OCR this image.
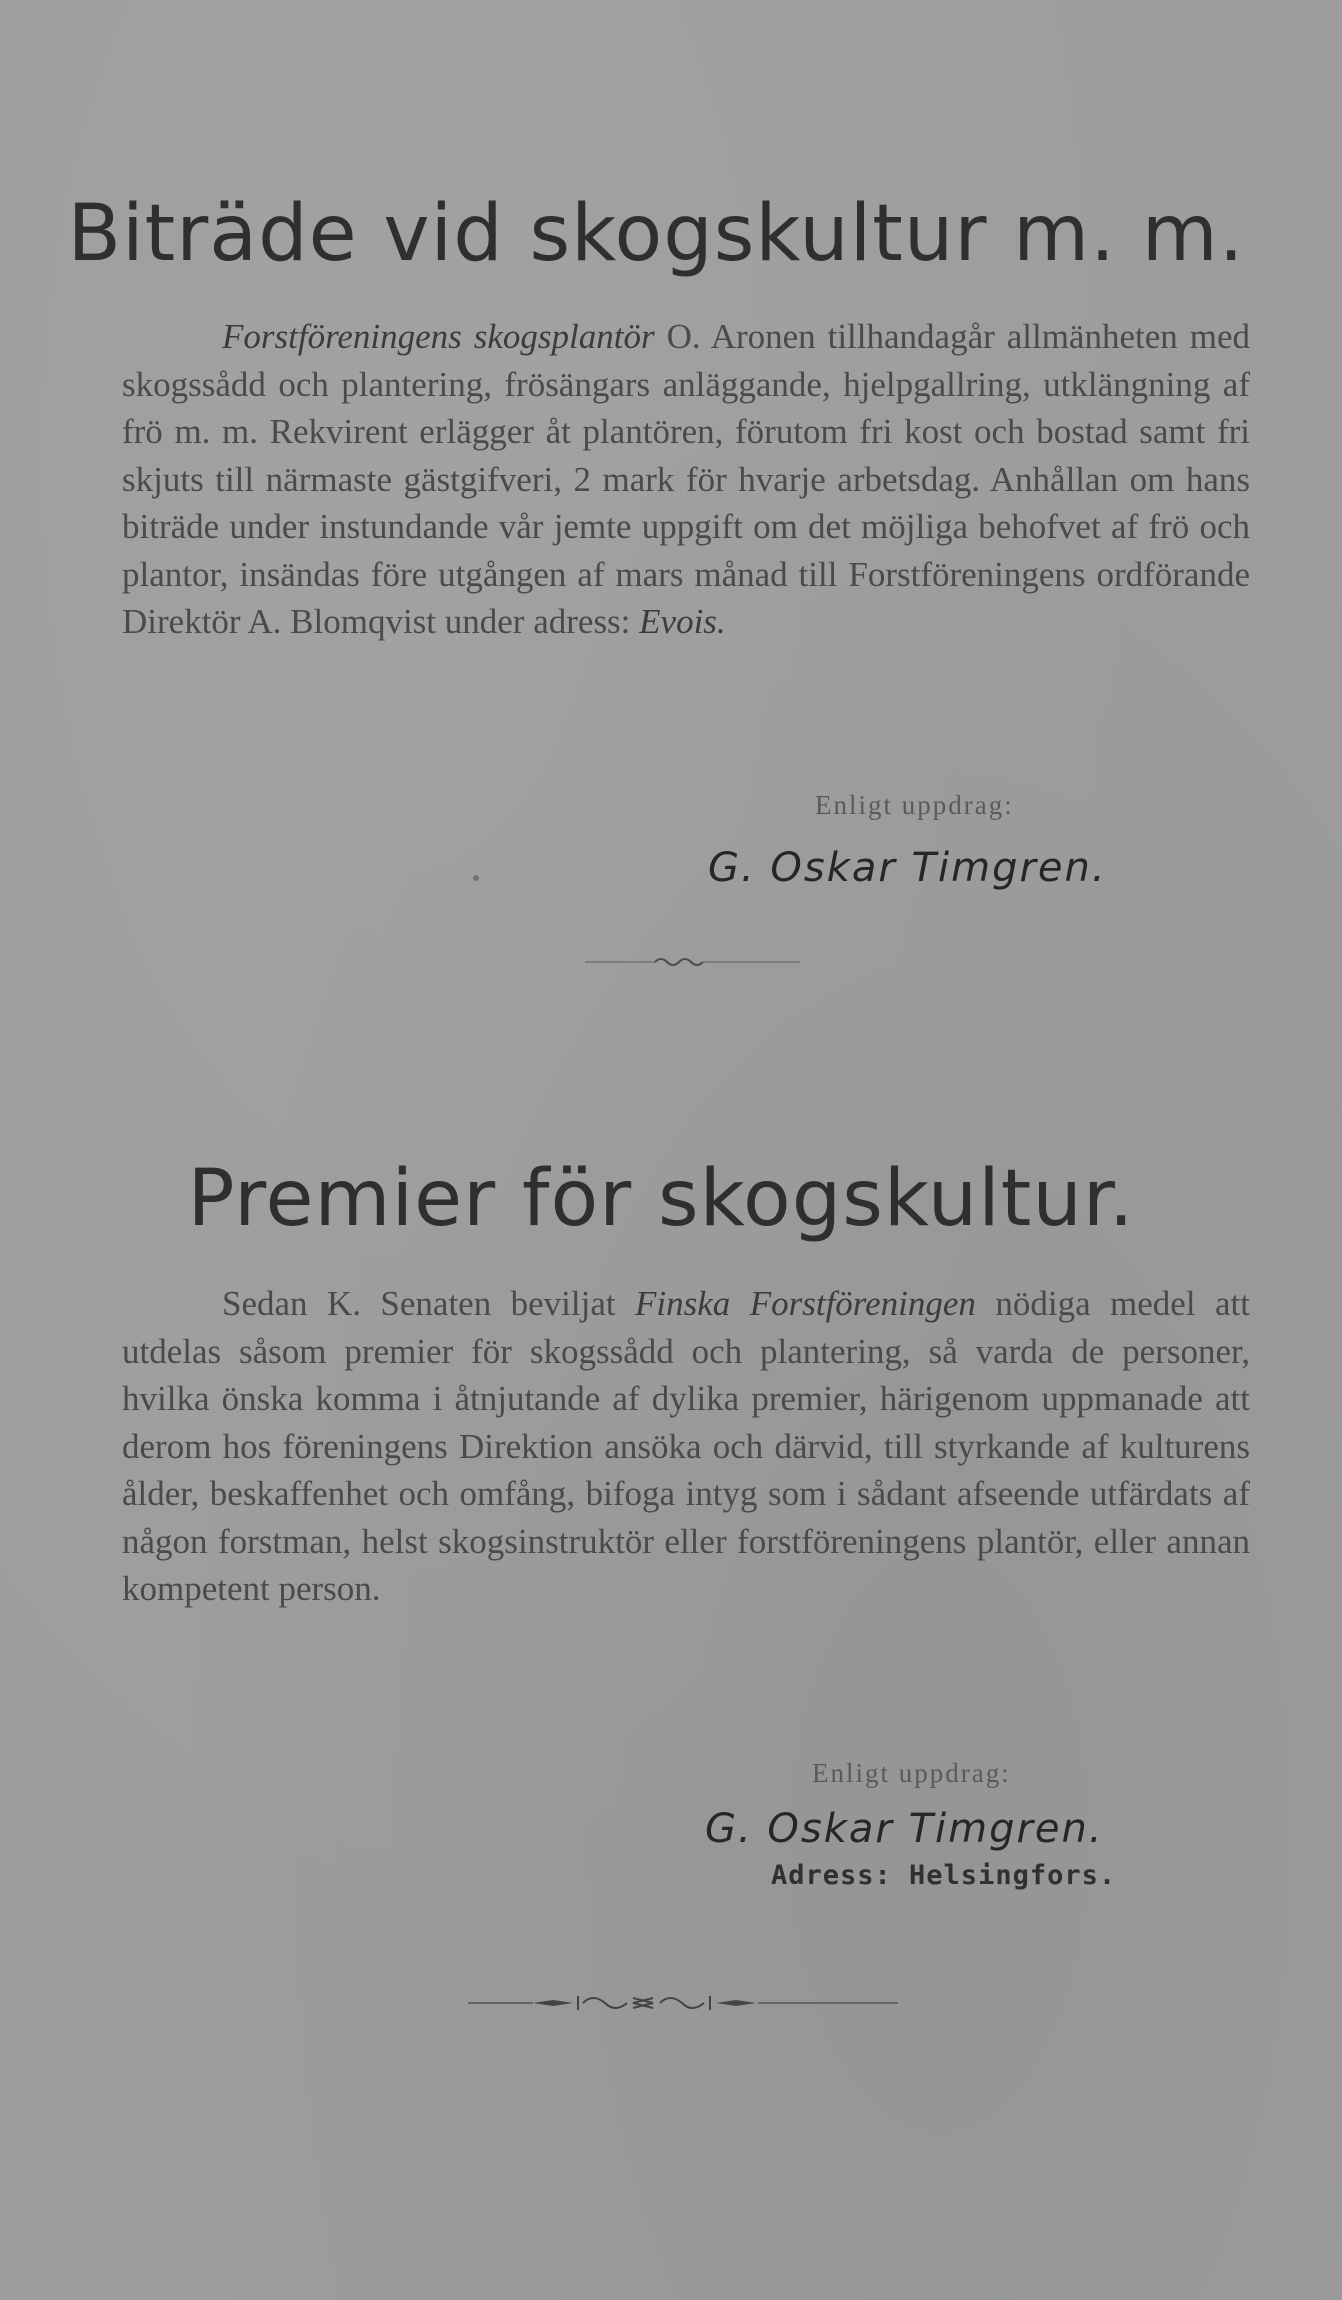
Biträde vid skogskultur m. m.

Forstföreningens skogsplantör O. Aronen tillhandagår allmänheten med skogssådd och plantering, frösängars anläggande, hjelpgallring, utklängning af frö m. m. Rekvirent erlägger åt plantören, förutom fri kost och bostad samt fri skjuts till närmaste gästgifveri, 2 mark för hvarje arbetsdag. Anhållan om hans biträde under instundande vår jemte uppgift om det möjliga behofvet af frö och plantor, insändas före utgången af mars månad till Forstföreningens ordförande Direktör A. Blomqvist under adress: Evois.

Enligt uppdrag:

G. Oskar Timgren.

Premier för skogskultur.

Sedan K. Senaten beviljat Finska Forstföreningen nödiga medel att utdelas såsom premier för skogssådd och plantering, så varda de personer, hvilka önska komma i åtnjutande af dylika premier, härigenom uppmanade att derom hos föreningens Direktion ansöka och därvid, till styrkande af kulturens ålder, beskaffenhet och omfång, bifoga intyg som i sådant afseende utfärdats af någon forstman, helst skogsinstruktör eller forstföreningens plantör, eller annan kompetent person.

Enligt uppdrag:

G. Oskar Timgren.

Adress: Helsingfors.
